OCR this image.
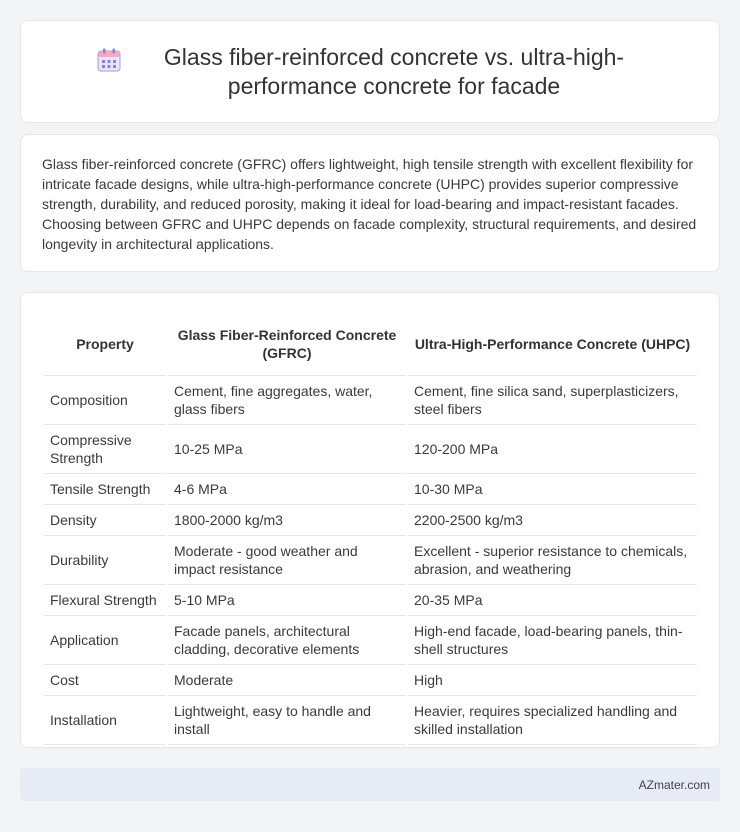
Glass fiber-reinforced concrete vs. ultra-high-performance concrete for facade

Glass fiber-reinforced concrete (GFRC) offers lightweight, high tensile strength with excellent flexibility for intricate facade designs, while ultra-high-performance concrete (UHPC) provides superior compressive strength, durability, and reduced porosity, making it ideal for load-bearing and impact-resistant facades. Choosing between GFRC and UHPC depends on facade complexity, structural requirements, and desired longevity in architectural applications.

Property	Glass Fiber-Reinforced Concrete (GFRC)	Ultra-High-Performance Concrete (UHPC)
Composition	Cement, fine aggregates, water, glass fibers	Cement, fine silica sand, superplasticizers, steel fibers
Compressive Strength	10-25 MPa	120-200 MPa
Tensile Strength	4-6 MPa	10-30 MPa
Density	1800-2000 kg/m3	2200-2500 kg/m3
Durability	Moderate - good weather and impact resistance	Excellent - superior resistance to chemicals, abrasion, and weathering
Flexural Strength	5-10 MPa	20-35 MPa
Application	Facade panels, architectural cladding, decorative elements	High-end facade, load-bearing panels, thin-shell structures
Cost	Moderate	High
Installation	Lightweight, easy to handle and install	Heavier, requires specialized handling and skilled installation
AZmater.com
